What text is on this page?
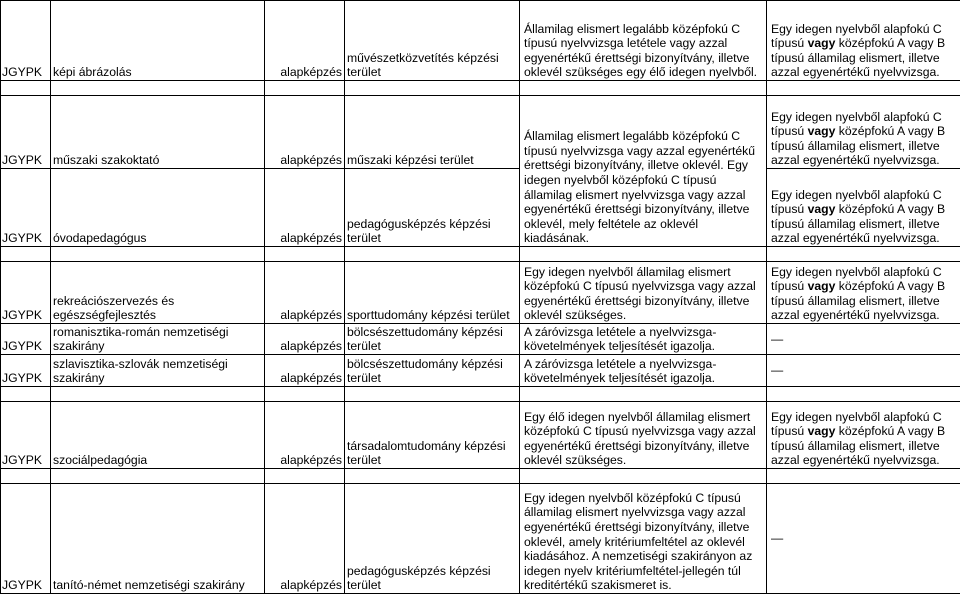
JGYPK	képi ábrázolás	alapképzés	művészetközvetítés képzési terület	Államilag elismert legalább középfokú C típusú nyelvvizsga letétele vagy azzal egyenértékű érettségi bizonyítvány, illetve oklevél szükséges egy élő idegen nyelvből.	Egy idegen nyelvből alapfokú C típusú vagy középfokú A vagy B típusú államilag elismert, illetve azzal egyenértékű nyelvvizsga.

JGYPK	műszaki szakoktató	alapképzés	műszaki képzési terület	Államilag elismert legalább középfokú C típusú nyelvvizsga vagy azzal egyenértékű érettségi bizonyítvány, illetve oklevél. Egy idegen nyelvből középfokú C típusú államilag elismert nyelvvizsga vagy azzal egyenértékű érettségi bizonyítvány, illetve oklevél, mely feltétele az oklevél kiadásának.	Egy idegen nyelvből alapfokú C típusú vagy középfokú A vagy B típusú államilag elismert, illetve azzal egyenértékű nyelvvizsga.
JGYPK	óvodapedagógus	alapképzés	pedagógusképzés képzési terület		Egy idegen nyelvből alapfokú C típusú vagy középfokú A vagy B típusú államilag elismert, illetve azzal egyenértékű nyelvvizsga.

JGYPK	rekreációszervezés és egészségfejlesztés	alapképzés	sporttudomány képzési terület	Egy idegen nyelvből államilag elismert középfokú C típusú nyelvvizsga vagy azzal egyenértékű érettségi bizonyítvány, illetve oklevél szükséges.	Egy idegen nyelvből alapfokú C típusú vagy középfokú A vagy B típusú államilag elismert, illetve azzal egyenértékű nyelvvizsga.
JGYPK	romanisztika-román nemzetiségi szakirány	alapképzés	bölcsészettudomány képzési terület	A záróvizsga letétele a nyelvvizsga-követelmények teljesítését igazolja.	—
JGYPK	szlavisztika-szlovák nemzetiségi szakirány	alapképzés	bölcsészettudomány képzési terület	A záróvizsga letétele a nyelvvizsga-követelmények teljesítését igazolja.	—

JGYPK	szociálpedagógia	alapképzés	társadalomtudomány képzési terület	Egy élő idegen nyelvből államilag elismert középfokú C típusú nyelvvizsga vagy azzal egyenértékű érettségi bizonyítvány, illetve oklevél szükséges.	Egy idegen nyelvből alapfokú C típusú vagy középfokú A vagy B típusú államilag elismert, illetve azzal egyenértékű nyelvvizsga.

JGYPK	tanító-német nemzetiségi szakirány	alapképzés	pedagógusképzés képzési terület	Egy idegen nyelvből középfokú C típusú államilag elismert nyelvvizsga vagy azzal egyenértékű érettségi bizonyítvány, illetve oklevél, amely kritériumfeltétel az oklevél kiadásához. A nemzetiségi szakirányon az idegen nyelv kritériumfeltétel-jellegén túl kreditértékű szakismeret is.	—
